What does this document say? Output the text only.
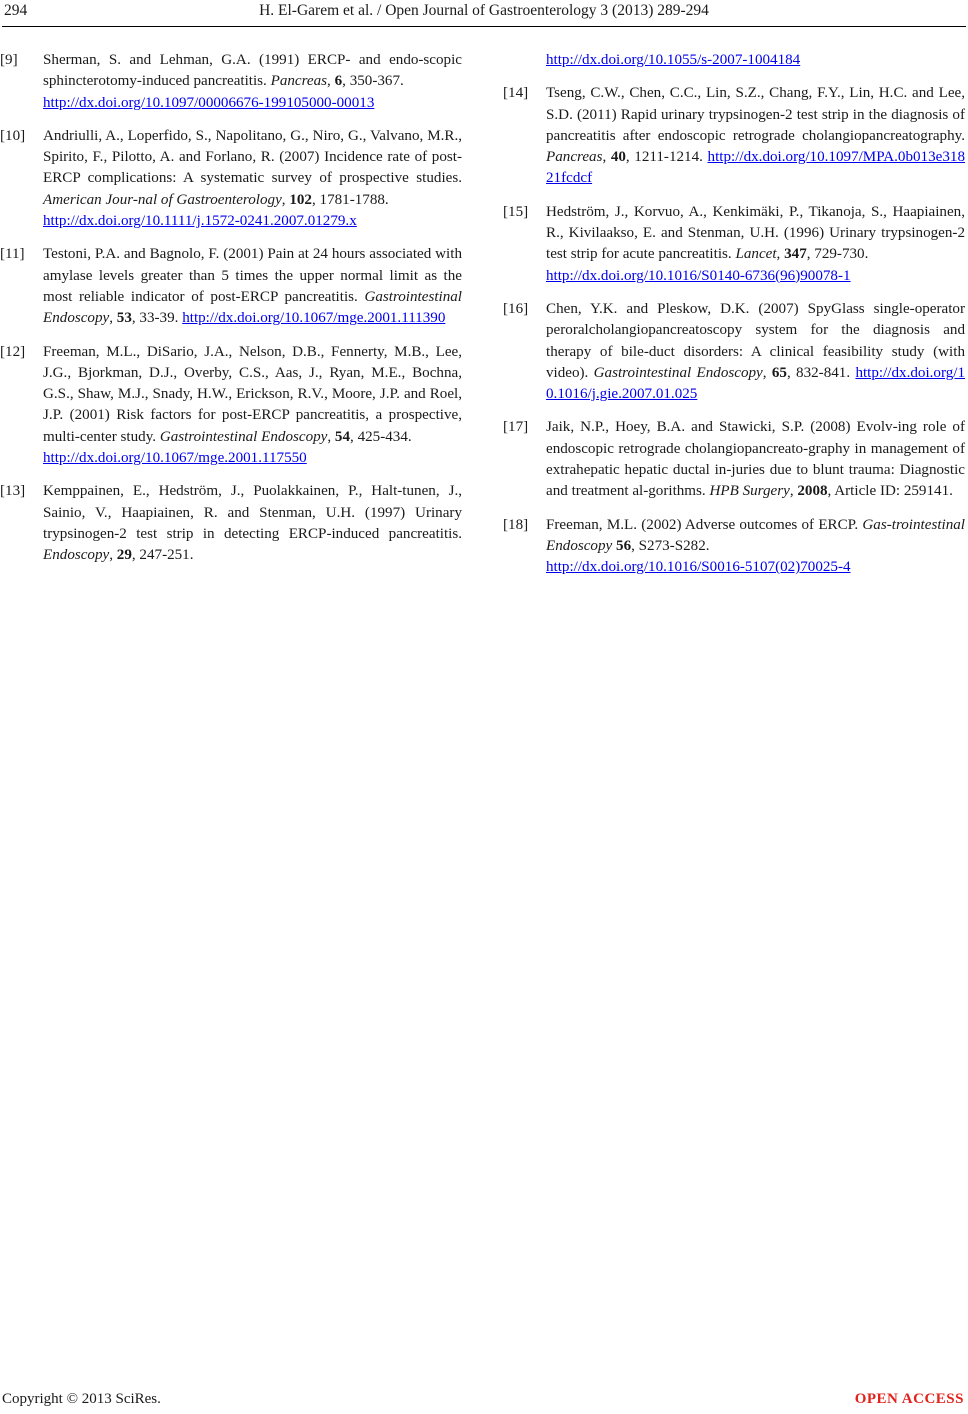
294	H. El-Garem et al. / Open Journal of Gastroenterology 3 (2013) 289-294
[9] Sherman, S. and Lehman, G.A. (1991) ERCP- and endo-scopic sphincterotomy-induced pancreatitis. Pancreas, 6, 350-367.
http://dx.doi.org/10.1097/00006676-199105000-00013
[10] Andriulli, A., Loperfido, S., Napolitano, G., Niro, G., Valvano, M.R., Spirito, F., Pilotto, A. and Forlano, R. (2007) Incidence rate of post-ERCP complications: A systematic survey of prospective studies. American Jour-nal of Gastroenterology, 102, 1781-1788.
http://dx.doi.org/10.1111/j.1572-0241.2007.01279.x
[11] Testoni, P.A. and Bagnolo, F. (2001) Pain at 24 hours associated with amylase levels greater than 5 times the upper normal limit as the most reliable indicator of post-ERCP pancreatitis. Gastrointestinal Endoscopy, 53, 33-39. http://dx.doi.org/10.1067/mge.2001.111390
[12] Freeman, M.L., DiSario, J.A., Nelson, D.B., Fennerty, M.B., Lee, J.G., Bjorkman, D.J., Overby, C.S., Aas, J., Ryan, M.E., Bochna, G.S., Shaw, M.J., Snady, H.W., Erickson, R.V., Moore, J.P. and Roel, J.P. (2001) Risk factors for post-ERCP pancreatitis, a prospective, multi-center study. Gastrointestinal Endoscopy, 54, 425-434.
http://dx.doi.org/10.1067/mge.2001.117550
[13] Kemppainen, E., Hedström, J., Puolakkainen, P., Halt-tunen, J., Sainio, V., Haapiainen, R. and Stenman, U.H. (1997) Urinary trypsinogen-2 test strip in detecting ERCP-induced pancreatitis. Endoscopy, 29, 247-251.
http://dx.doi.org/10.1055/s-2007-1004184
[14] Tseng, C.W., Chen, C.C., Lin, S.Z., Chang, F.Y., Lin, H.C. and Lee, S.D. (2011) Rapid urinary trypsinogen-2 test strip in the diagnosis of pancreatitis after endoscopic retrograde cholangiopancreatography. Pancreas, 40, 1211-1214. http://dx.doi.org/10.1097/MPA.0b013e31821fcdcf
[15] Hedström, J., Korvuo, A., Kenkimäki, P., Tikanoja, S., Haapiainen, R., Kivilaakso, E. and Stenman, U.H. (1996) Urinary trypsinogen-2 test strip for acute pancreatitis. Lancet, 347, 729-730.
http://dx.doi.org/10.1016/S0140-6736(96)90078-1
[16] Chen, Y.K. and Pleskow, D.K. (2007) SpyGlass single-operator peroralcholangiopancreatoscopy system for the diagnosis and therapy of bile-duct disorders: A clinical feasibility study (with video). Gastrointestinal Endoscopy, 65, 832-841. http://dx.doi.org/10.1016/j.gie.2007.01.025
[17] Jaik, N.P., Hoey, B.A. and Stawicki, S.P. (2008) Evolv-ing role of endoscopic retrograde cholangiopancreato-graphy in management of extrahepatic hepatic ductal in-juries due to blunt trauma: Diagnostic and treatment al-gorithms. HPB Surgery, 2008, Article ID: 259141.
[18] Freeman, M.L. (2002) Adverse outcomes of ERCP. Gas-trointestinal Endoscopy 56, S273-S282.
http://dx.doi.org/10.1016/S0016-5107(02)70025-4
Copyright © 2013 SciRes.	OPEN ACCESS
